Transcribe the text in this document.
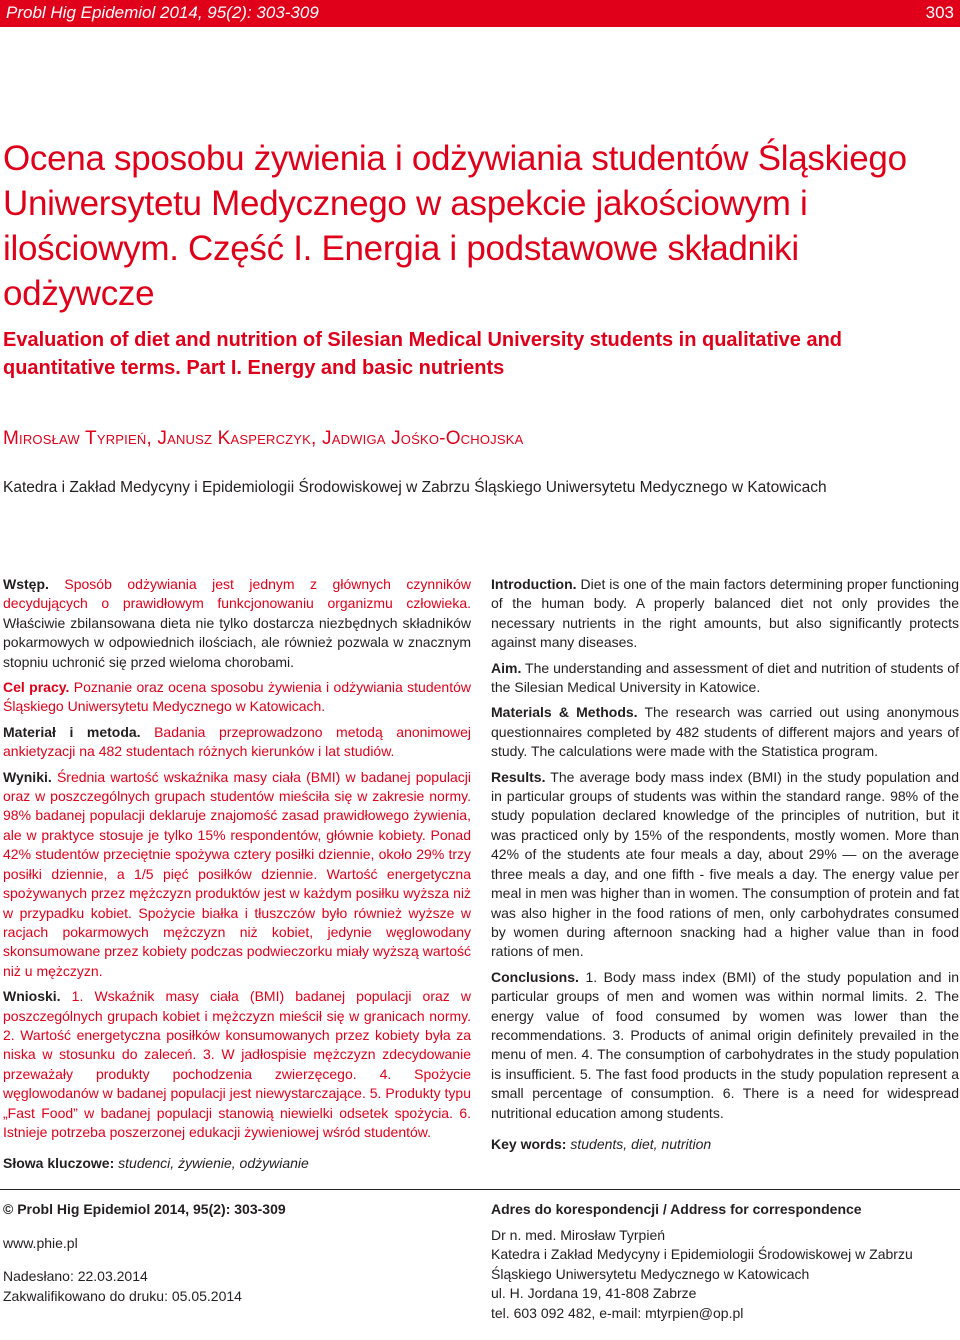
Probl Hig Epidemiol 2014, 95(2): 303-309	303
Ocena sposobu żywienia i odżywiania studentów Śląskiego Uniwersytetu Medycznego w aspekcie jakościowym i ilościowym. Część I. Energia i podstawowe składniki odżywcze
Evaluation of diet and nutrition of Silesian Medical University students in qualitative and quantitative terms. Part I. Energy and basic nutrients
Mirosław Tyrpień, Janusz Kasperczyk, Jadwiga Jośko-Ochojska
Katedra i Zakład Medycyny i Epidemiologii Środowiskowej w Zabrzu Śląskiego Uniwersytetu Medycznego w Katowicach

Wstęp. Sposób odżywiania jest jednym z głównych czynników decydujących o prawidłowym funkcjonowaniu organizmu człowieka. Właściwie zbilansowana dieta nie tylko dostarcza niezbędnych składników pokarmowych w odpowiednich ilościach, ale również pozwala w znacznym stopniu uchronić się przed wieloma chorobami.

Cel pracy. Poznanie oraz ocena sposobu żywienia i odżywiania studentów Śląskiego Uniwersytetu Medycznego w Katowicach.

Materiał i metoda. Badania przeprowadzono metodą anonimowej ankietyzacji na 482 studentach różnych kierunków i lat studiów.

Wyniki. Średnia wartość wskaźnika masy ciała (BMI) w badanej populacji oraz w poszczególnych grupach studentów mieściła się w zakresie normy. 98% badanej populacji deklaruje znajomość zasad prawidłowego żywienia, ale w praktyce stosuje je tylko 15% respondentów, głównie kobiety. Ponad 42% studentów przeciętnie spożywa cztery posiłki dziennie, około 29% trzy posiłki dziennie, a 1/5 pięć posiłków dziennie. Wartość energetyczna spożywanych przez mężczyzn produktów jest w każdym posiłku wyższa niż w przypadku kobiet. Spożycie białka i tłuszczów było również wyższe w racjach pokarmowych mężczyzn niż kobiet, jedynie węglowodany skonsumowane przez kobiety podczas podwieczorku miały wyższą wartość niż u mężczyzn.

Wnioski. 1. Wskaźnik masy ciała (BMI) badanej populacji oraz w poszczególnych grupach kobiet i mężczyzn mieścił się w granicach normy. 2. Wartość energetyczna posiłków konsumowanych przez kobiety była za niska w stosunku do zaleceń. 3. W jadłospisie mężczyzn zdecydowanie przeważały produkty pochodzenia zwierzęcego. 4. Spożycie węglowodanów w badanej populacji jest niewystarczające. 5. Produkty typu „Fast Food” w badanej populacji stanowią niewielki odsetek spożycia. 6. Istnieje potrzeba poszerzonej edukacji żywieniowej wśród studentów.

Słowa kluczowe: studenci, żywienie, odżywianie

Introduction. Diet is one of the main factors determining proper functioning of the human body. A properly balanced diet not only provides the necessary nutrients in the right amounts, but also significantly protects against many diseases.

Aim. The understanding and assessment of diet and nutrition of students of the Silesian Medical University in Katowice.

Materials & Methods. The research was carried out using anonymous questionnaires completed by 482 students of different majors and years of study. The calculations were made with the Statistica program.

Results. The average body mass index (BMI) in the study population and in particular groups of students was within the standard range. 98% of the study population declared knowledge of the principles of nutrition, but it was practiced only by 15% of the respondents, mostly women. More than 42% of the students ate four meals a day, about 29% — on the average three meals a day, and one fifth - five meals a day. The energy value per meal in men was higher than in women. The consumption of protein and fat was also higher in the food rations of men, only carbohydrates consumed by women during afternoon snacking had a higher value than in food rations of men.

Conclusions. 1. Body mass index (BMI) of the study population and in particular groups of men and women was within normal limits. 2. The energy value of food consumed by women was lower than the recommendations. 3. Products of animal origin definitely prevailed in the menu of men. 4. The consumption of carbohydrates in the study population is insufficient. 5. The fast food products in the study population represent a small percentage of consumption. 6. There is a need for widespread nutritional education among students.

Key words: students, diet, nutrition

© Probl Hig Epidemiol 2014, 95(2): 303-309
www.phie.pl
Nadesłano: 22.03.2014
Zakwalifikowano do druku: 05.05.2014
Adres do korespondencji / Address for correspondence
Dr n. med. Mirosław Tyrpień
Katedra i Zakład Medycyny i Epidemiologii Środowiskowej w Zabrzu
Śląskiego Uniwersytetu Medycznego w Katowicach
ul. H. Jordana 19, 41-808 Zabrze
tel. 603 092 482, e-mail: mtyrpien@op.pl
